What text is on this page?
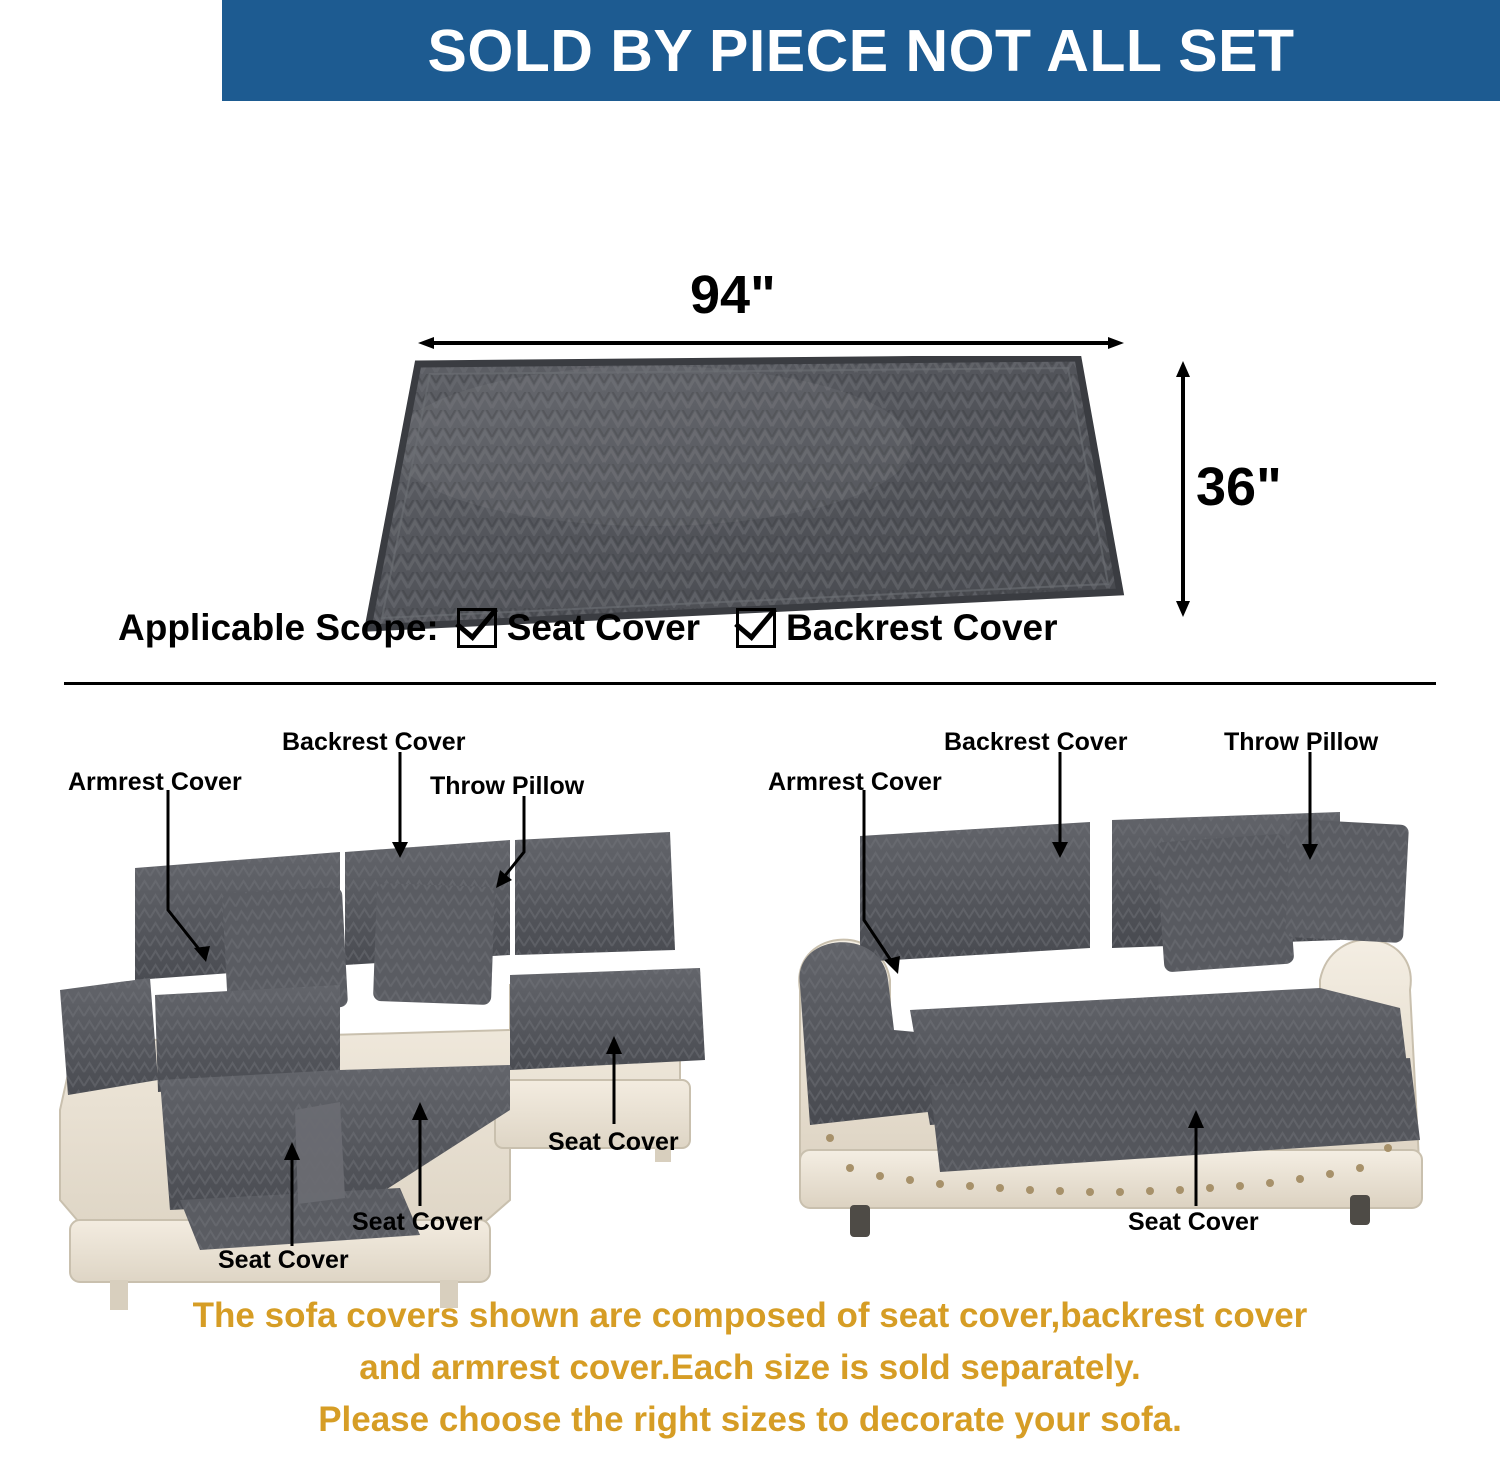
SOLD BY PIECE NOT ALL SET
94"
36"
Applicable Scope: Seat Cover Backrest Cover
Armrest Cover
Backrest Cover
Throw Pillow
Seat Cover
Seat Cover
Seat Cover
Armrest Cover
Backrest Cover	Throw Pillow
Seat Cover
The sofa covers shown are composed of seat cover,backrest cover
and armrest cover.Each size is sold separately.
Please choose the right sizes to decorate your sofa.
